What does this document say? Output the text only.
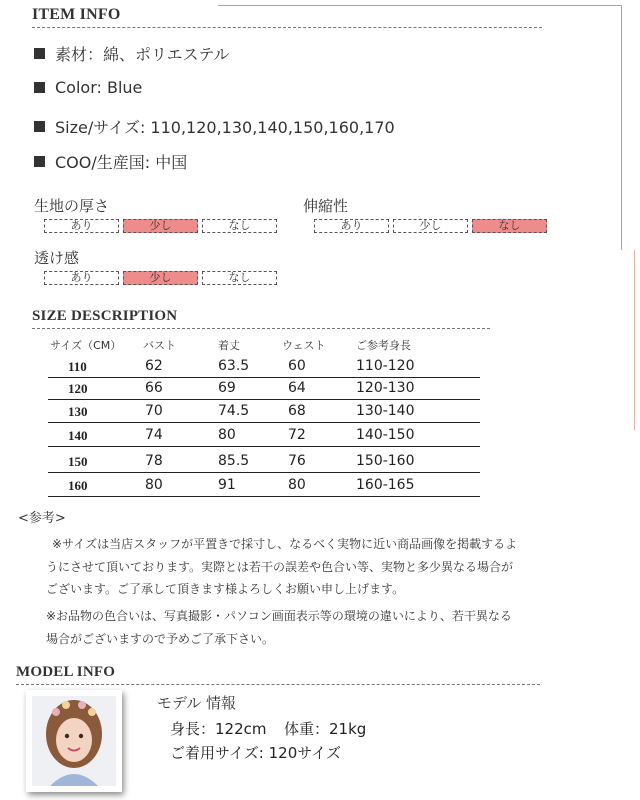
ITEM INFO
素材：綿、ポリエステル
Color: Blue
Size/サイズ: 110,120,130,140,150,160,170
COO/生産国: 中国
生地の厚さ
あり	少し	なし
伸縮性
あり	少し	なし
透け感
あり	少し	なし
SIZE DESCRIPTION
サイズ（CM） バスト	着丈	ウェスト	ご参考身長
110	62	63.5	60	110-120
120	66	69	64	120-130
130	70	74.5	68	130-140
140	74	80	72	140-150
150	78	85.5	76	150-160
160	80	91	80	160-165
<参考>
※サイズは当店スタッフが平置きで採寸し、なるべく実物に近い商品画像を掲載するよ
うにさせて頂いております。実際とは若干の誤差や色合い等、実物と多少異なる場合が
ございます。ご了承して頂きます様よろしくお願い申し上げます。
※お品物の色合いは、写真撮影・パソコン画面表示等の環境の違いにより、若干異なる
場合がございますので予めご了承下さい。
MODEL INFO
モデル 情報
身長：122cm 体重：21kg
ご着用サイズ: 120サイズ
